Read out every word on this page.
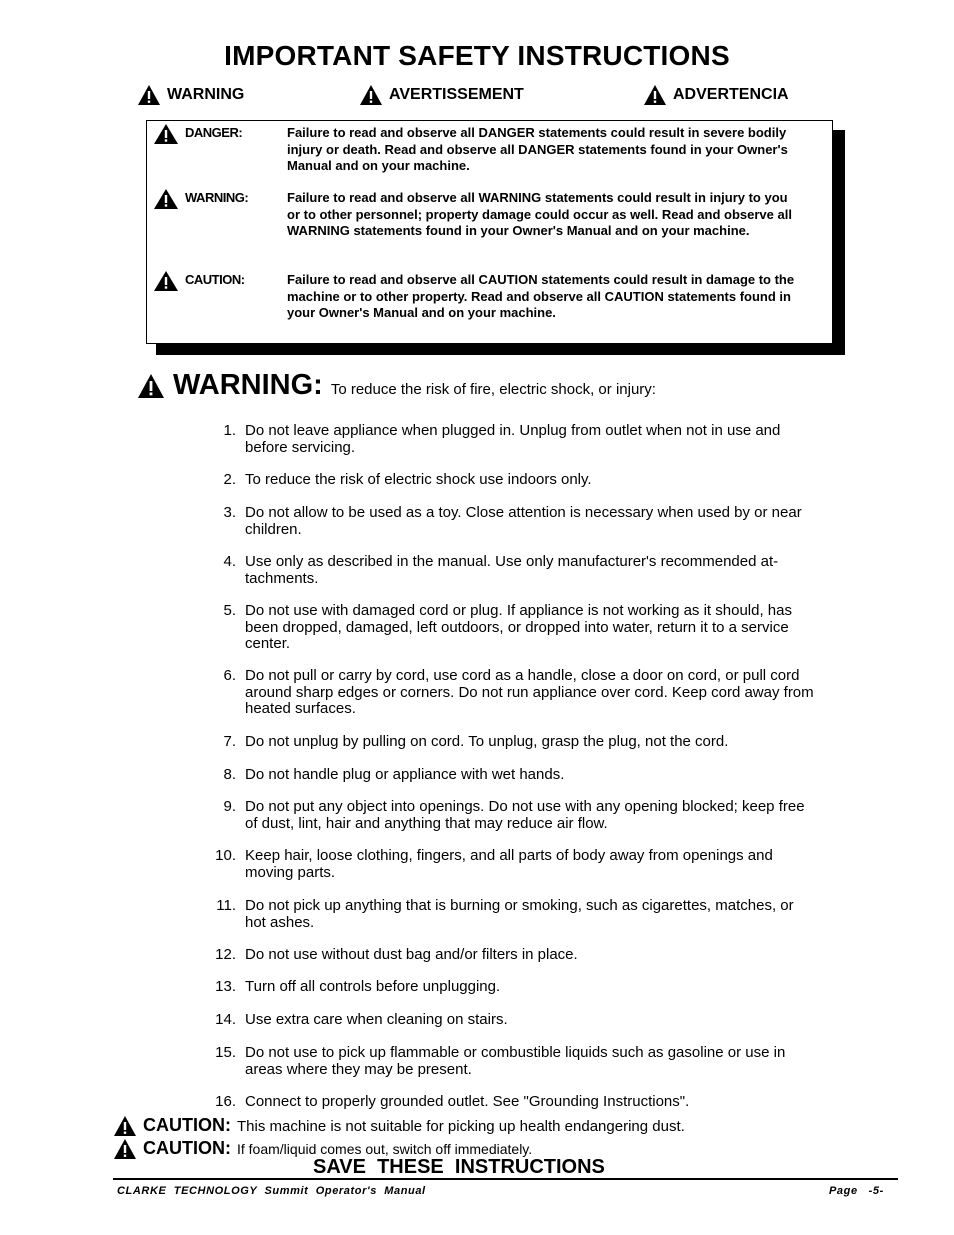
IMPORTANT SAFETY INSTRUCTIONS
WARNING	AVERTISSEMENT	ADVERTENCIA
DANGER:	Failure to read and observe all DANGER statements could result in severe bodily injury or death. Read and observe all DANGER statements found in your Owner's Manual and on your machine.
WARNING:	Failure to read and observe all WARNING statements could result in injury to you or to other personnel; property damage could occur as well. Read and observe all WARNING statements found in your Owner's Manual and on your machine.
CAUTION:	Failure to read and observe all CAUTION statements could result in damage to the machine or to other property. Read and observe all CAUTION statements found in your Owner's Manual and on your machine.
WARNING: To reduce the risk of fire, electric shock, or injury:
1. Do not leave appliance when plugged in. Unplug from outlet when not in use and before servicing.
2. To reduce the risk of electric shock use indoors only.
3. Do not allow to be used as a toy. Close attention is necessary when used by or near children.
4. Use only as described in the manual. Use only manufacturer's recommended at-tachments.
5. Do not use with damaged cord or plug. If appliance is not working as it should, has been dropped, damaged, left outdoors, or dropped into water, return it to a service center.
6. Do not pull or carry by cord, use cord as a handle, close a door on cord, or pull cord around sharp edges or corners. Do not run appliance over cord. Keep cord away from heated surfaces.
7. Do not unplug by pulling on cord. To unplug, grasp the plug, not the cord.
8. Do not handle plug or appliance with wet hands.
9. Do not put any object into openings. Do not use with any opening blocked; keep free of dust, lint, hair and anything that may reduce air flow.
10. Keep hair, loose clothing, fingers, and all parts of body away from openings and moving parts.
11. Do not pick up anything that is burning or smoking, such as cigarettes, matches, or hot ashes.
12. Do not use without dust bag and/or filters in place.
13. Turn off all controls before unplugging.
14. Use extra care when cleaning on stairs.
15. Do not use to pick up flammable or combustible liquids such as gasoline or use in areas where they may be present.
16. Connect to properly grounded outlet. See "Grounding Instructions".
CAUTION: This machine is not suitable for picking up health endangering dust.
CAUTION: If foam/liquid comes out, switch off immediately.
SAVE  THESE  INSTRUCTIONS
CLARKE  TECHNOLOGY  Summit  Operator's  Manual	Page   -5-
